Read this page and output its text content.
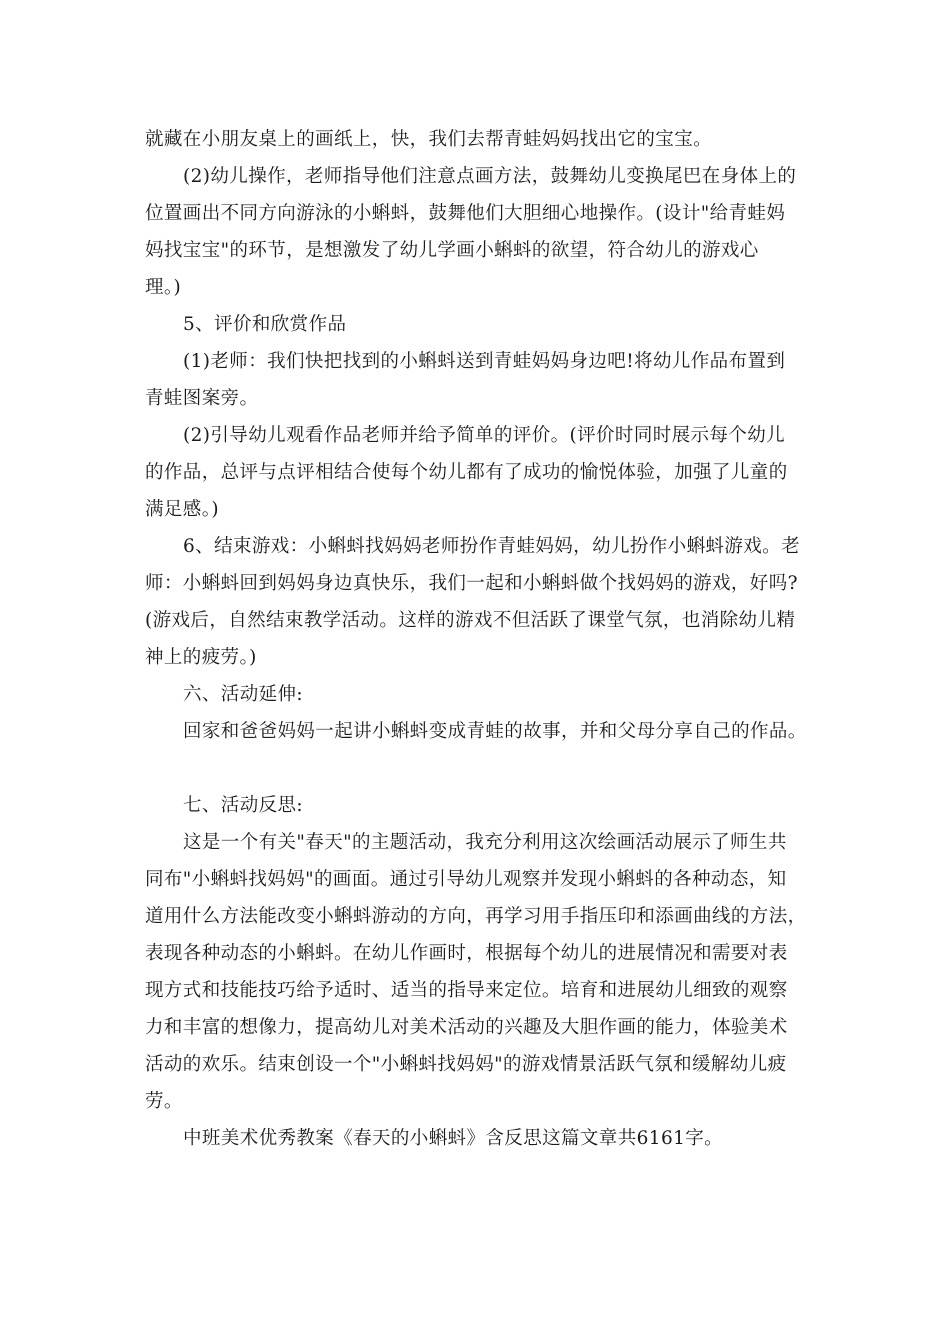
就藏在小朋友桌上的画纸上，快，我们去帮青蛙妈妈找出它的宝宝。
(2)幼儿操作，老师指导他们注意点画方法，鼓舞幼儿变换尾巴在身体上的
位置画出不同方向游泳的小蝌蚪，鼓舞他们大胆细心地操作。(设计"给青蛙妈
妈找宝宝"的环节，是想激发了幼儿学画小蝌蚪的欲望，符合幼儿的游戏心
理。)
5、评价和欣赏作品
(1)老师：我们快把找到的小蝌蚪送到青蛙妈妈身边吧!将幼儿作品布置到
青蛙图案旁。
(2)引导幼儿观看作品老师并给予简单的评价。(评价时同时展示每个幼儿
的作品，总评与点评相结合使每个幼儿都有了成功的愉悦体验，加强了儿童的
满足感。)
6、结束游戏：小蝌蚪找妈妈老师扮作青蛙妈妈，幼儿扮作小蝌蚪游戏。老
师：小蝌蚪回到妈妈身边真快乐，我们一起和小蝌蚪做个找妈妈的游戏，好吗?
(游戏后，自然结束教学活动。这样的游戏不但活跃了课堂气氛，也消除幼儿精
神上的疲劳。)
六、活动延伸:
回家和爸爸妈妈一起讲小蝌蚪变成青蛙的故事，并和父母分享自己的作品。
七、活动反思:
这是一个有关"春天"的主题活动，我充分利用这次绘画活动展示了师生共
同布"小蝌蚪找妈妈"的画面。通过引导幼儿观察并发现小蝌蚪的各种动态，知
道用什么方法能改变小蝌蚪游动的方向，再学习用手指压印和添画曲线的方法，
表现各种动态的小蝌蚪。在幼儿作画时，根据每个幼儿的进展情况和需要对表
现方式和技能技巧给予适时、适当的指导来定位。培育和进展幼儿细致的观察
力和丰富的想像力，提高幼儿对美术活动的兴趣及大胆作画的能力，体验美术
活动的欢乐。结束创设一个"小蝌蚪找妈妈"的游戏情景活跃气氛和缓解幼儿疲
劳。
中班美术优秀教案《春天的小蝌蚪》含反思这篇文章共6161字。
